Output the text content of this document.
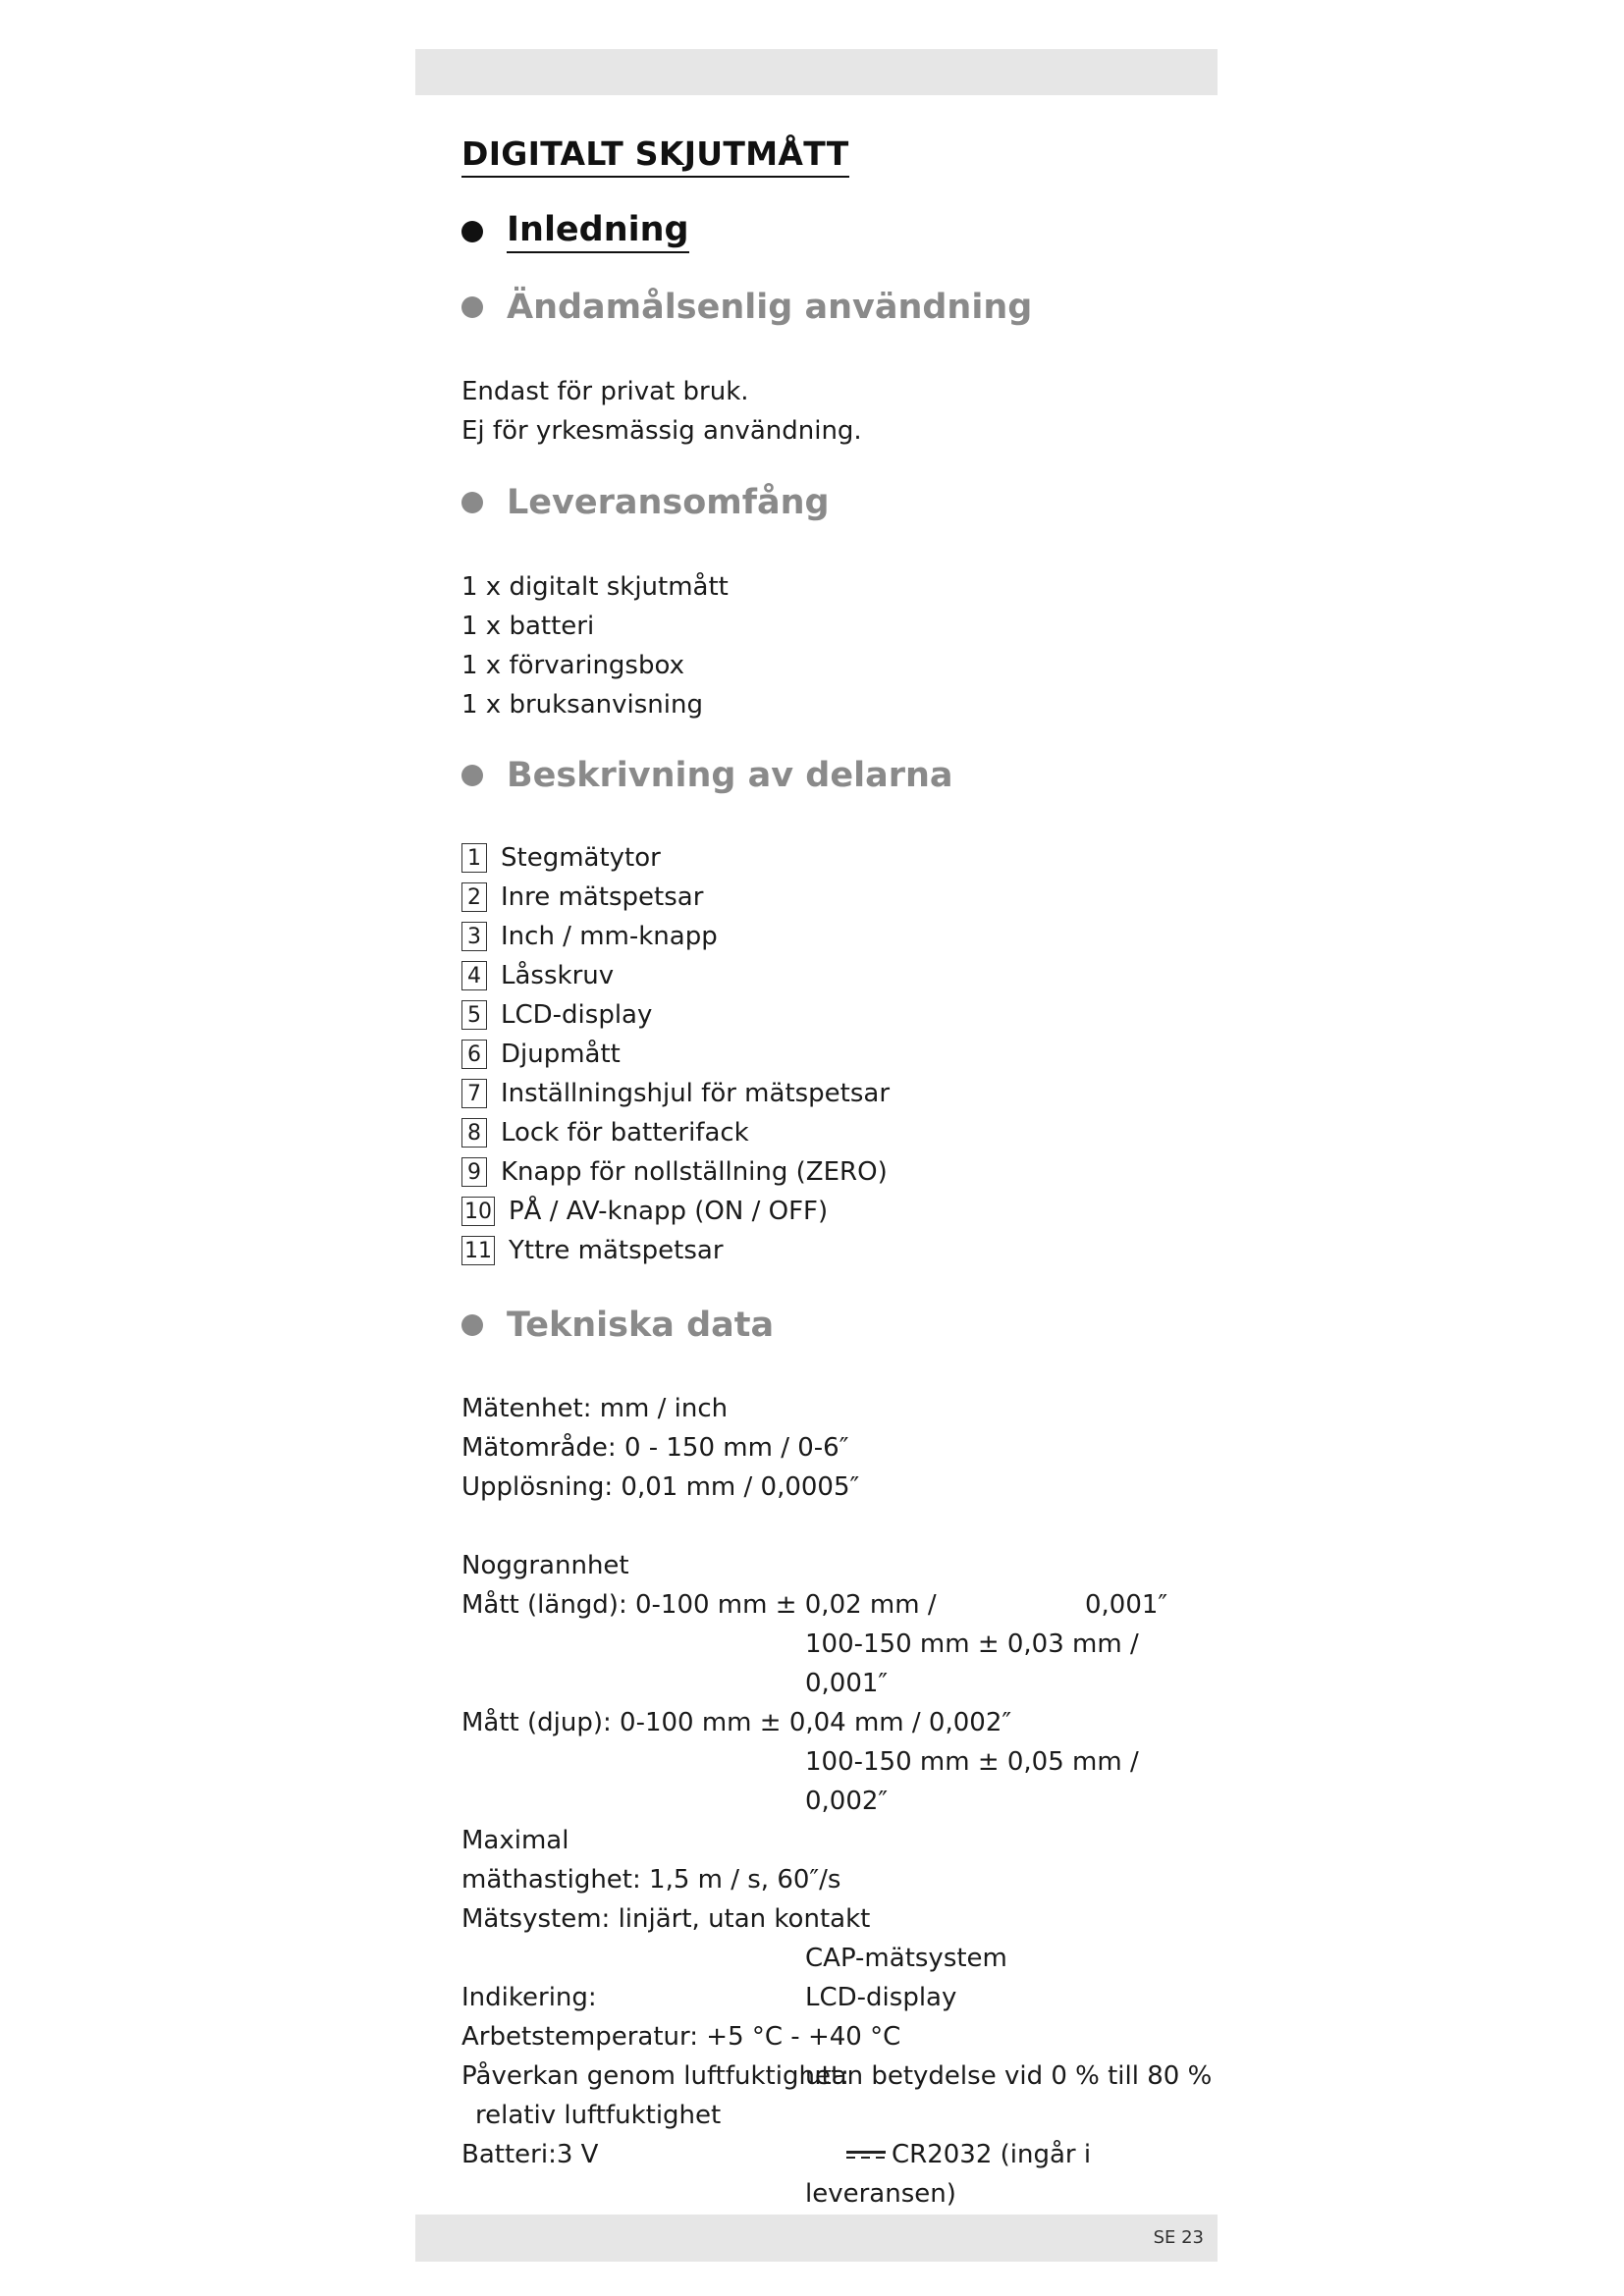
DIGITALT SKJUTMÅTT
Inledning
Ändamålsenlig användning
Endast för privat bruk.
Ej för yrkesmässig användning.
Leveransomfång
1 x digitalt skjutmått
1 x batteri
1 x förvaringsbox
1 x bruksanvisning
Beskrivning av delarna
1 Stegmätytor
2 Inre mätspetsar
3 Inch / mm-knapp
4 Låsskruv
5 LCD-display
6 Djupmått
7 Inställningshjul för mätspetsar
8 Lock för batterifack
9 Knapp för nollställning (ZERO)
10 PÅ / AV-knapp (ON / OFF)
11 Yttre mätspetsar
Tekniska data
Mätenhet: mm / inch
Mätområde: 0 - 150 mm / 0-6″
Upplösning: 0,01 mm / 0,0005″
Noggrannhet
Mått (längd): 0-100 mm ± 0,02 mm /	0,001″
100-150 mm ± 0,03 mm /
0,001″
Mått (djup): 0-100 mm ± 0,04 mm / 0,002″
100-150 mm ± 0,05 mm /
0,002″
Maximal
mäthastighet: 1,5 m / s, 60″/s
Mätsystem: linjärt, utan kontakt
CAP-mätsystem
Indikering:	LCD-display
Arbetstemperatur: +5 °C - +40 °C
Påverkan genom luftfuktighet:
utan betydelse vid 0 % till 80 %
relativ luftfuktighet
Batteri:3 V	CR2032 (ingår i
leveransen)
SE 23
